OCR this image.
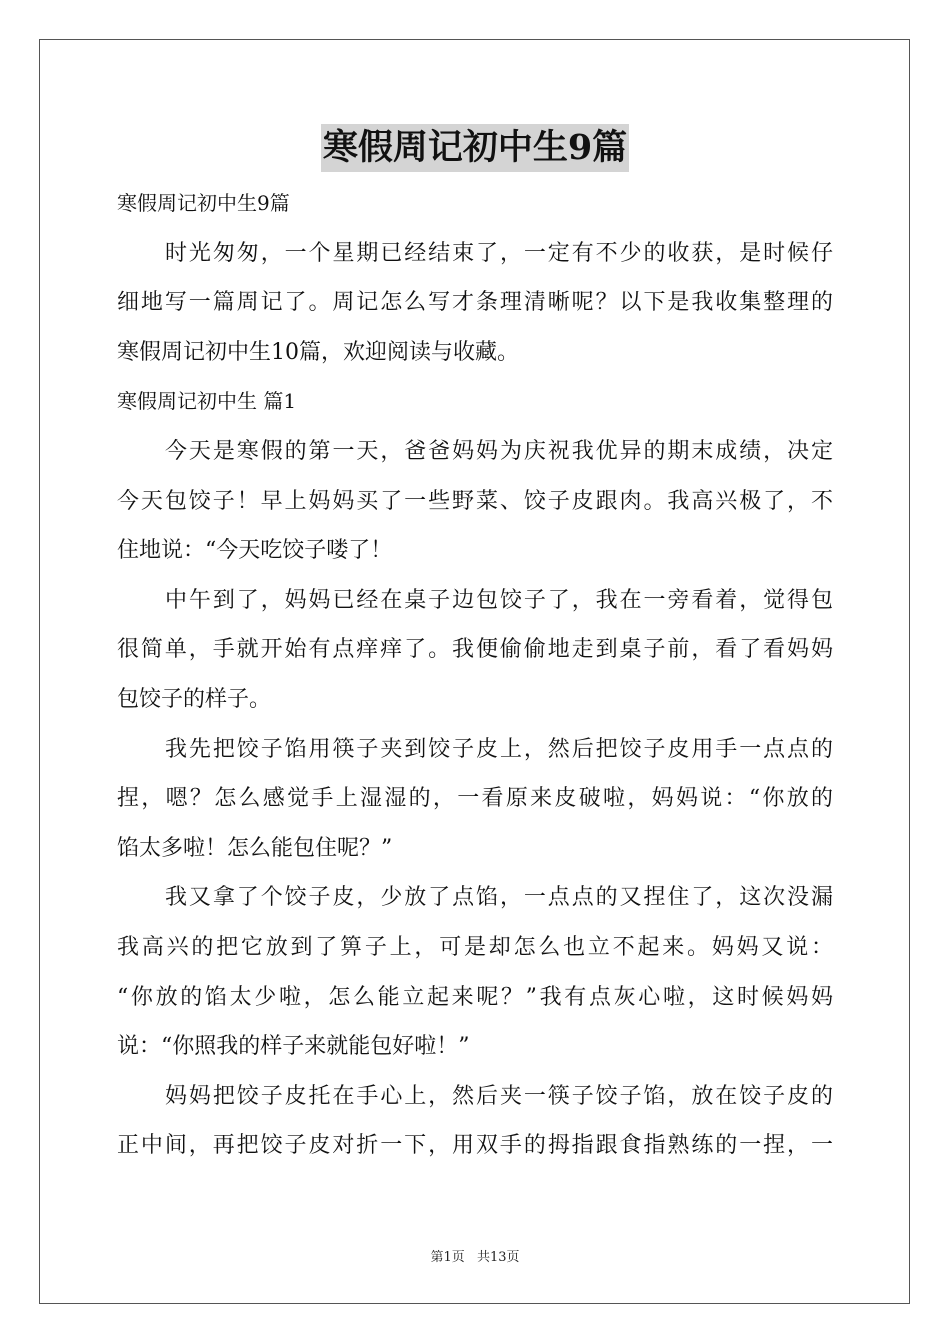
寒假周记初中生9篇
寒假周记初中生9篇
时光匆匆，一个星期已经结束了，一定有不少的收获，是时候仔
细地写一篇周记了。周记怎么写才条理清晰呢？以下是我收集整理的
寒假周记初中生10篇，欢迎阅读与收藏。
寒假周记初中生 篇1
今天是寒假的第一天，爸爸妈妈为庆祝我优异的期末成绩，决定
今天包饺子！早上妈妈买了一些野菜、饺子皮跟肉。我高兴极了，不
住地说：“今天吃饺子喽了！
中午到了，妈妈已经在桌子边包饺子了，我在一旁看着，觉得包
很简单，手就开始有点痒痒了。我便偷偷地走到桌子前，看了看妈妈
包饺子的样子。
我先把饺子馅用筷子夹到饺子皮上，然后把饺子皮用手一点点的
捏，嗯？怎么感觉手上湿湿的，一看原来皮破啦，妈妈说：“你放的
馅太多啦！怎么能包住呢？”
我又拿了个饺子皮，少放了点馅，一点点的又捏住了，这次没漏
我高兴的把它放到了箅子上，可是却怎么也立不起来。妈妈又说：
“你放的馅太少啦，怎么能立起来呢？”我有点灰心啦，这时候妈妈
说：“你照我的样子来就能包好啦！”
妈妈把饺子皮托在手心上，然后夹一筷子饺子馅，放在饺子皮的
正中间，再把饺子皮对折一下，用双手的拇指跟食指熟练的一捏，一
第1页 共13页
